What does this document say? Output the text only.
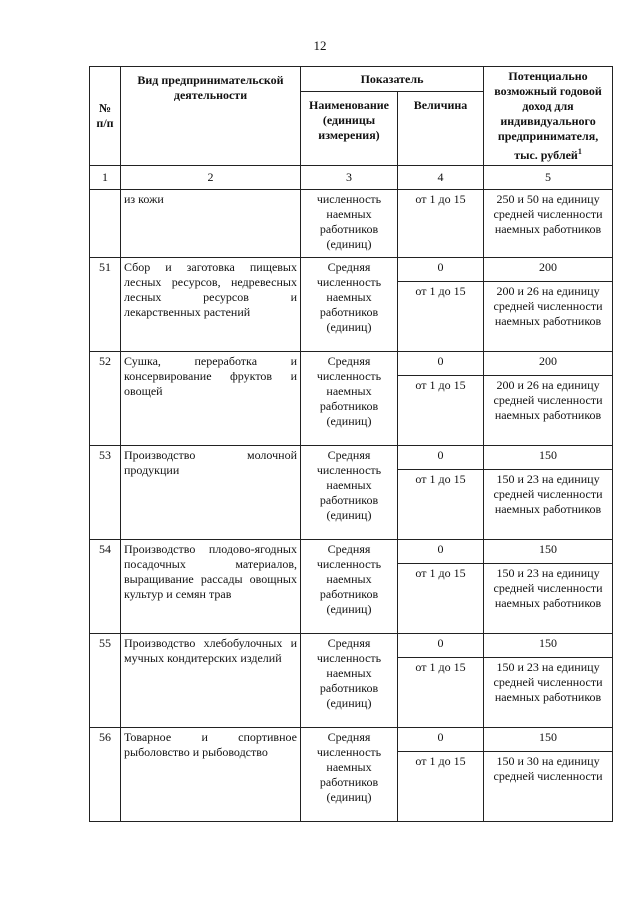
12
№ п/п	Вид предпринимательской деятельности	Показатель		Потенциально возможный годовой доход для индивидуального предпринимателя, тыс. рублей$^1$
		Наименование (единицы измерения)	Величина	
1	2	3	4	5
	из кожи	численность наемных работников (единиц)	от 1 до 15	250 и 50 на единицу средней численности наемных работников
51	Сбор и заготовка пищевых лесных ресурсов, недревесных лесных ресурсов и лекарственных растений	Средняя численность наемных работников (единиц)	0	200
			от 1 до 15	200 и 26 на единицу средней численности наемных работников
52	Сушка, переработка и консервирование фруктов и овощей	Средняя численность наемных работников (единиц)	0	200
			от 1 до 15	200 и 26 на единицу средней численности наемных работников
53	Производство молочной продукции	Средняя численность наемных работников (единиц)	0	150
			от 1 до 15	150 и 23 на единицу средней численности наемных работников
54	Производство плодово-ягодных посадочных материалов, выращивание рассады овощных культур и семян трав	Средняя численность наемных работников (единиц)	0	150
			от 1 до 15	150 и 23 на единицу средней численности наемных работников
55	Производство хлебобулочных и мучных кондитерских изделий	Средняя численность наемных работников (единиц)	0	150
			от 1 до 15	150 и 23 на единицу средней численности наемных работников
56	Товарное и спортивное рыболовство и рыбоводство	Средняя численность наемных работников (единиц)	0	150
			от 1 до 15	150 и 30 на единицу средней численности
